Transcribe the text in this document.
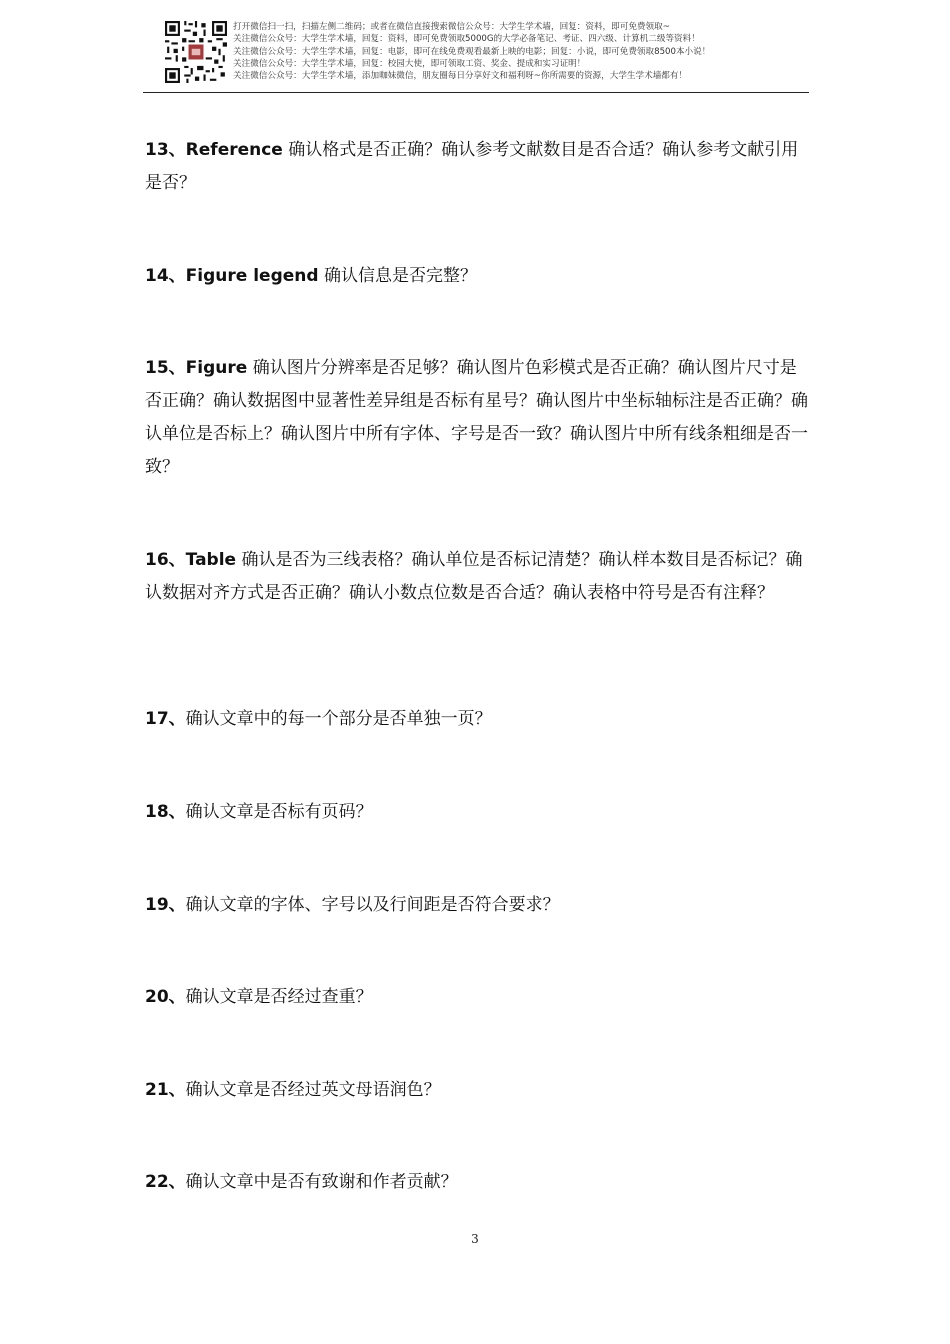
打开微信扫一扫，扫描左侧二维码；或者在微信直接搜索微信公众号：大学生学术墙，回复：资料，即可免费领取~
关注微信公众号：大学生学术墙，回复：资料，即可免费领取5000G的大学必备笔记、考证、四六级、计算机二级等资料！
关注微信公众号：大学生学术墙，回复：电影，即可在线免费观看最新上映的电影；回复：小说，即可免费领取8500本小说！
关注微信公众号：大学生学术墙，回复：校园大使，即可领取工资、奖金、提成和实习证明！
关注微信公众号：大学生学术墙，添加咖妹微信，朋友圈每日分享好文和福利呀~你所需要的资源，大学生学术墙都有！

13、Reference 确认格式是否正确？确认参考文献数目是否合适？确认参考文献引用是否？

14、Figure legend 确认信息是否完整？

15、Figure 确认图片分辨率是否足够？确认图片色彩模式是否正确？确认图片尺寸是否正确？确认数据图中显著性差异组是否标有星号？确认图片中坐标轴标注是否正确？确认单位是否标上？确认图片中所有字体、字号是否一致？确认图片中所有线条粗细是否一致？

16、Table 确认是否为三线表格？确认单位是否标记清楚？确认样本数目是否标记？确认数据对齐方式是否正确？确认小数点位数是否合适？确认表格中符号是否有注释？

17、确认文章中的每一个部分是否单独一页？

18、确认文章是否标有页码？

19、确认文章的字体、字号以及行间距是否符合要求？

20、确认文章是否经过查重？

21、确认文章是否经过英文母语润色？

22、确认文章中是否有致谢和作者贡献？

3
